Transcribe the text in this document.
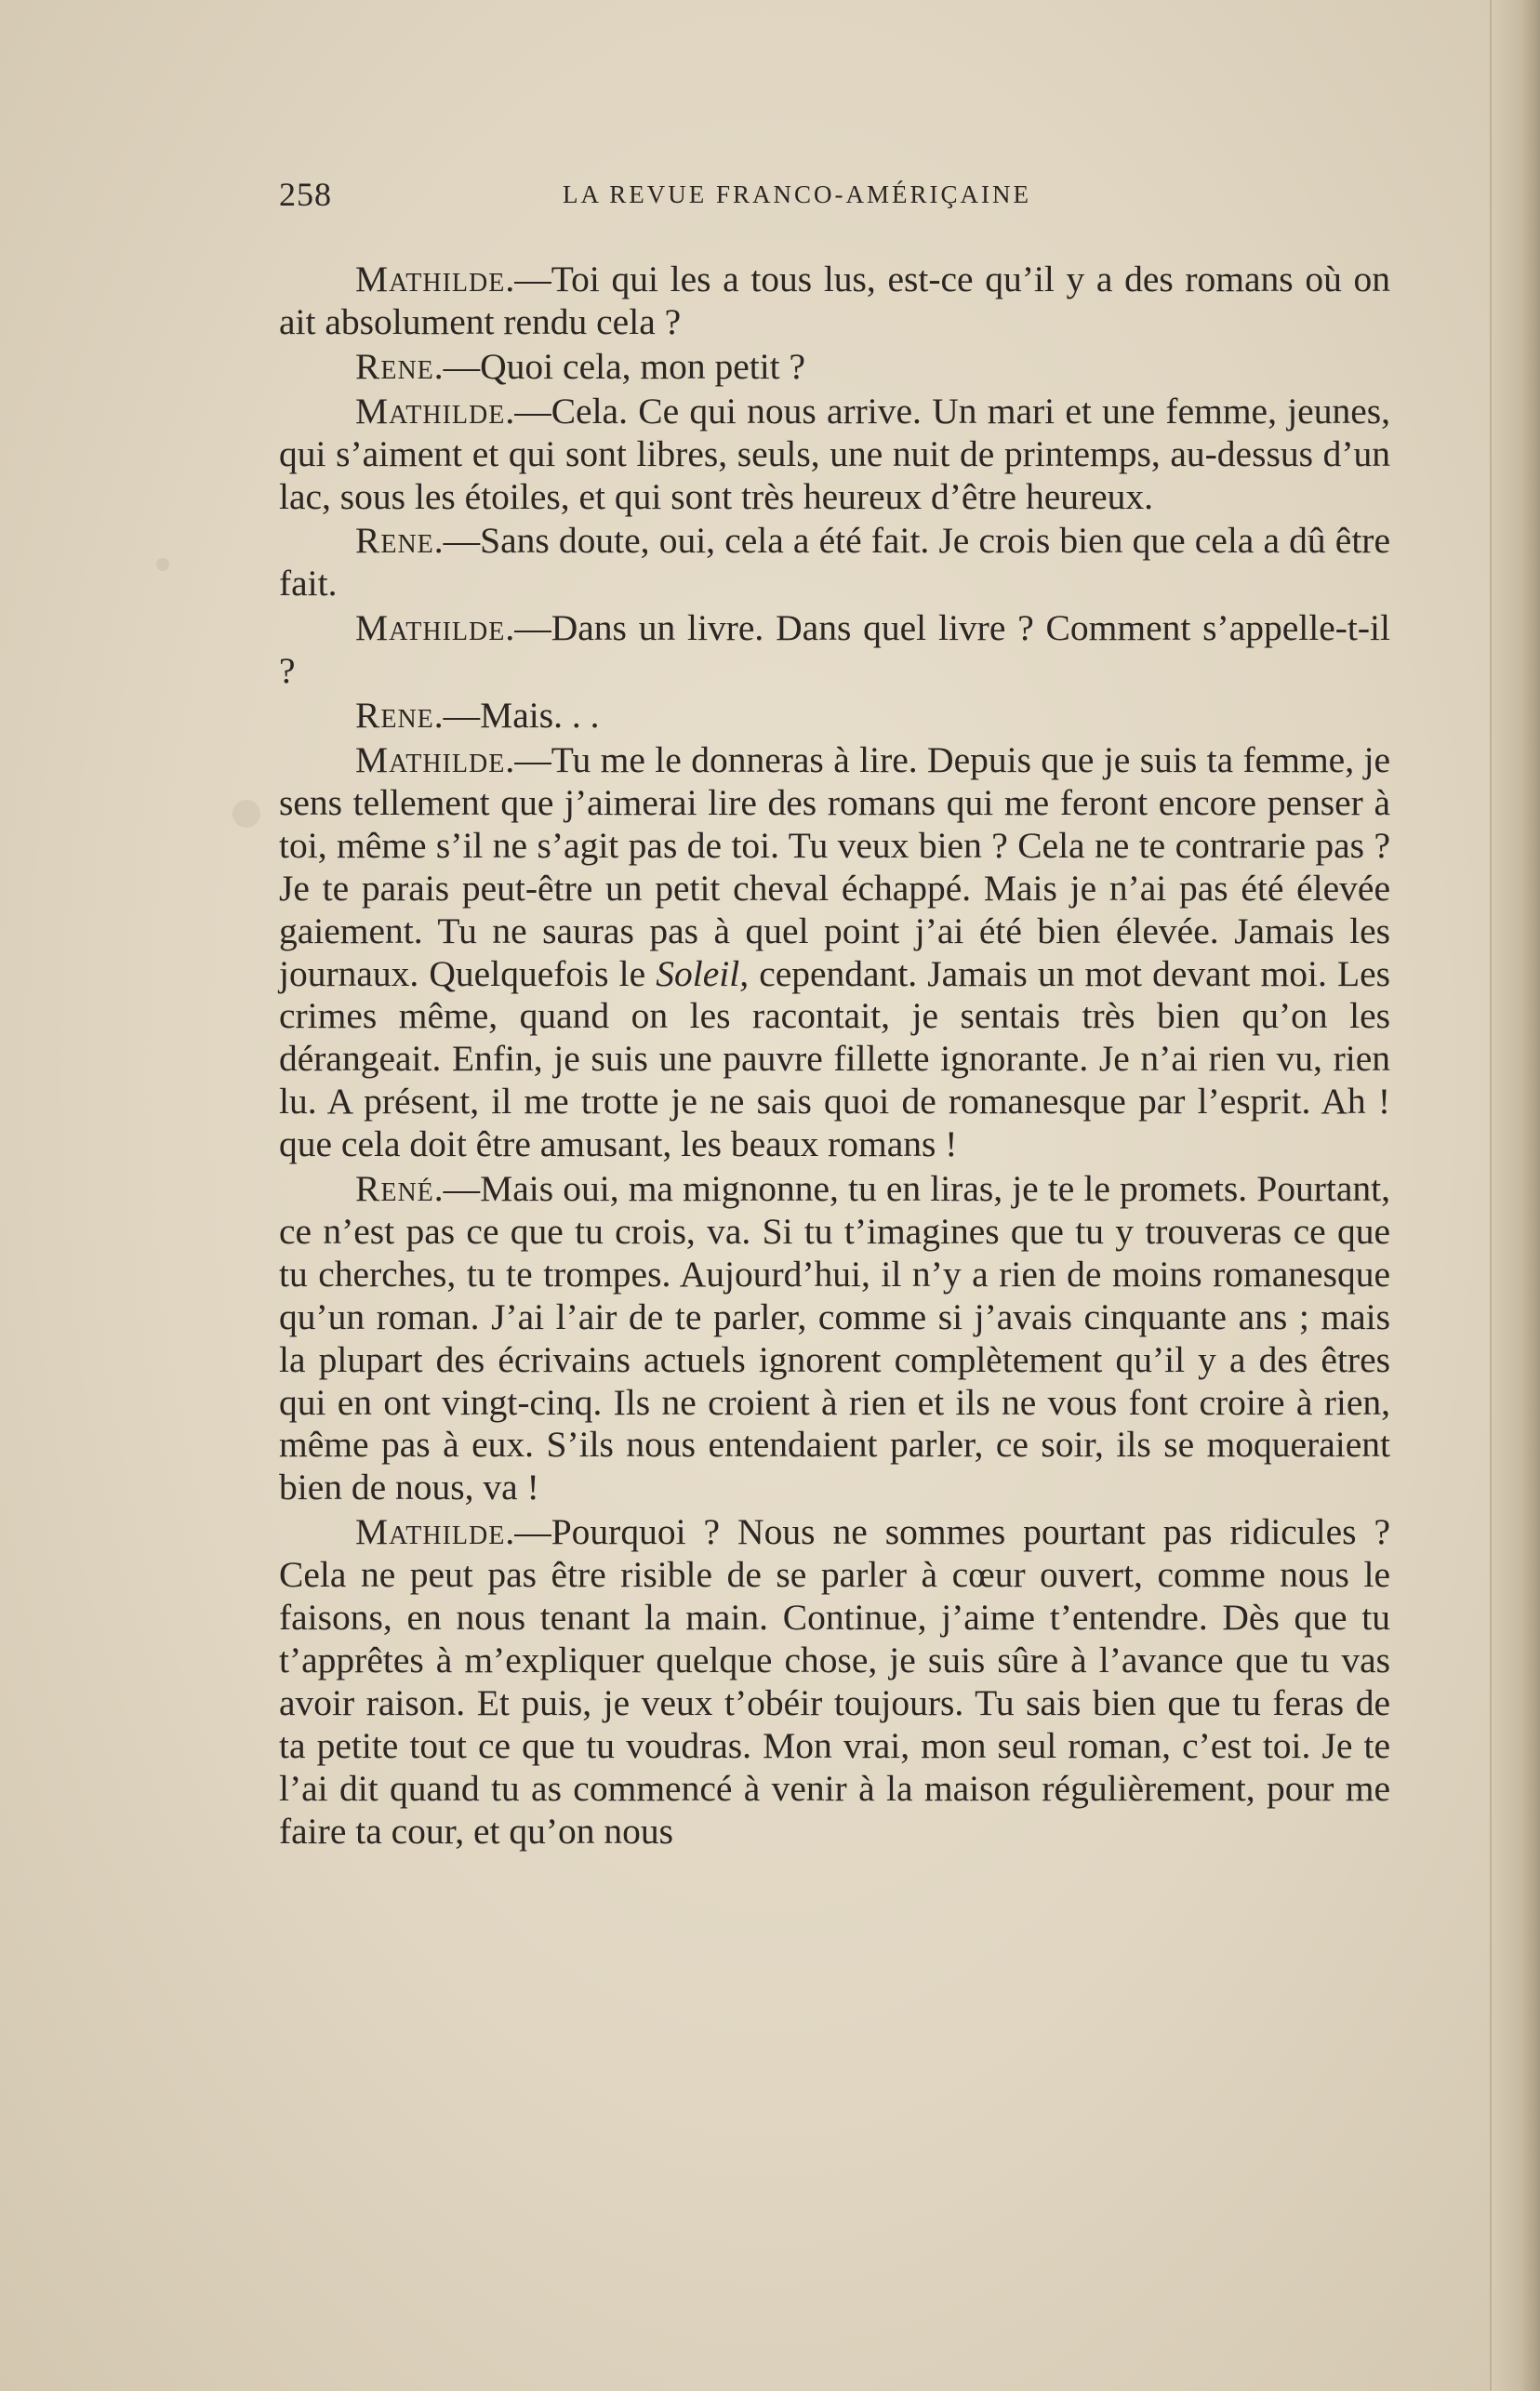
258	LA REVUE FRANCO-AMÉRIÇAINE

Mathilde.—Toi qui les a tous lus, est-ce qu’il y a des romans où on ait absolument rendu cela ?

Rene.—Quoi cela, mon petit ?

Mathilde.—Cela. Ce qui nous arrive. Un mari et une femme, jeunes, qui s’aiment et qui sont libres, seuls, une nuit de printemps, au-dessus d’un lac, sous les étoiles, et qui sont très heureux d’être heureux.

Rene.—Sans doute, oui, cela a été fait. Je crois bien que cela a dû être fait.

Mathilde.—Dans un livre. Dans quel livre ? Comment s’appelle-t-il ?

Rene.—Mais. . .

Mathilde.—Tu me le donneras à lire. Depuis que je suis ta femme, je sens tellement que j’aimerai lire des romans qui me feront encore penser à toi, même s’il ne s’agit pas de toi. Tu veux bien ? Cela ne te contrarie pas ? Je te parais peut-être un petit cheval échappé. Mais je n’ai pas été élevée gaiement. Tu ne sauras pas à quel point j’ai été bien élevée. Jamais les journaux. Quelquefois le Soleil, cependant. Jamais un mot devant moi. Les crimes même, quand on les racontait, je sentais très bien qu’on les dérangeait. Enfin, je suis une pauvre fillette ignorante. Je n’ai rien vu, rien lu. A présent, il me trotte je ne sais quoi de romanesque par l’esprit. Ah ! que cela doit être amusant, les beaux romans !

René.—Mais oui, ma mignonne, tu en liras, je te le promets. Pourtant, ce n’est pas ce que tu crois, va. Si tu t’imagines que tu y trouveras ce que tu cherches, tu te trompes. Aujourd’hui, il n’y a rien de moins romanesque qu’un roman. J’ai l’air de te parler, comme si j’avais cinquante ans ; mais la plupart des écrivains actuels ignorent complètement qu’il y a des êtres qui en ont vingt-cinq. Ils ne croient à rien et ils ne vous font croire à rien, même pas à eux. S’ils nous entendaient parler, ce soir, ils se moqueraient bien de nous, va !

Mathilde.—Pourquoi ? Nous ne sommes pourtant pas ridicules ? Cela ne peut pas être risible de se parler à cœur ouvert, comme nous le faisons, en nous tenant la main. Continue, j’aime t’entendre. Dès que tu t’apprêtes à m’expliquer quelque chose, je suis sûre à l’avance que tu vas avoir raison. Et puis, je veux t’obéir toujours. Tu sais bien que tu feras de ta petite tout ce que tu voudras. Mon vrai, mon seul roman, c’est toi. Je te l’ai dit quand tu as commencé à venir à la maison régulièrement, pour me faire ta cour, et qu’on nous
